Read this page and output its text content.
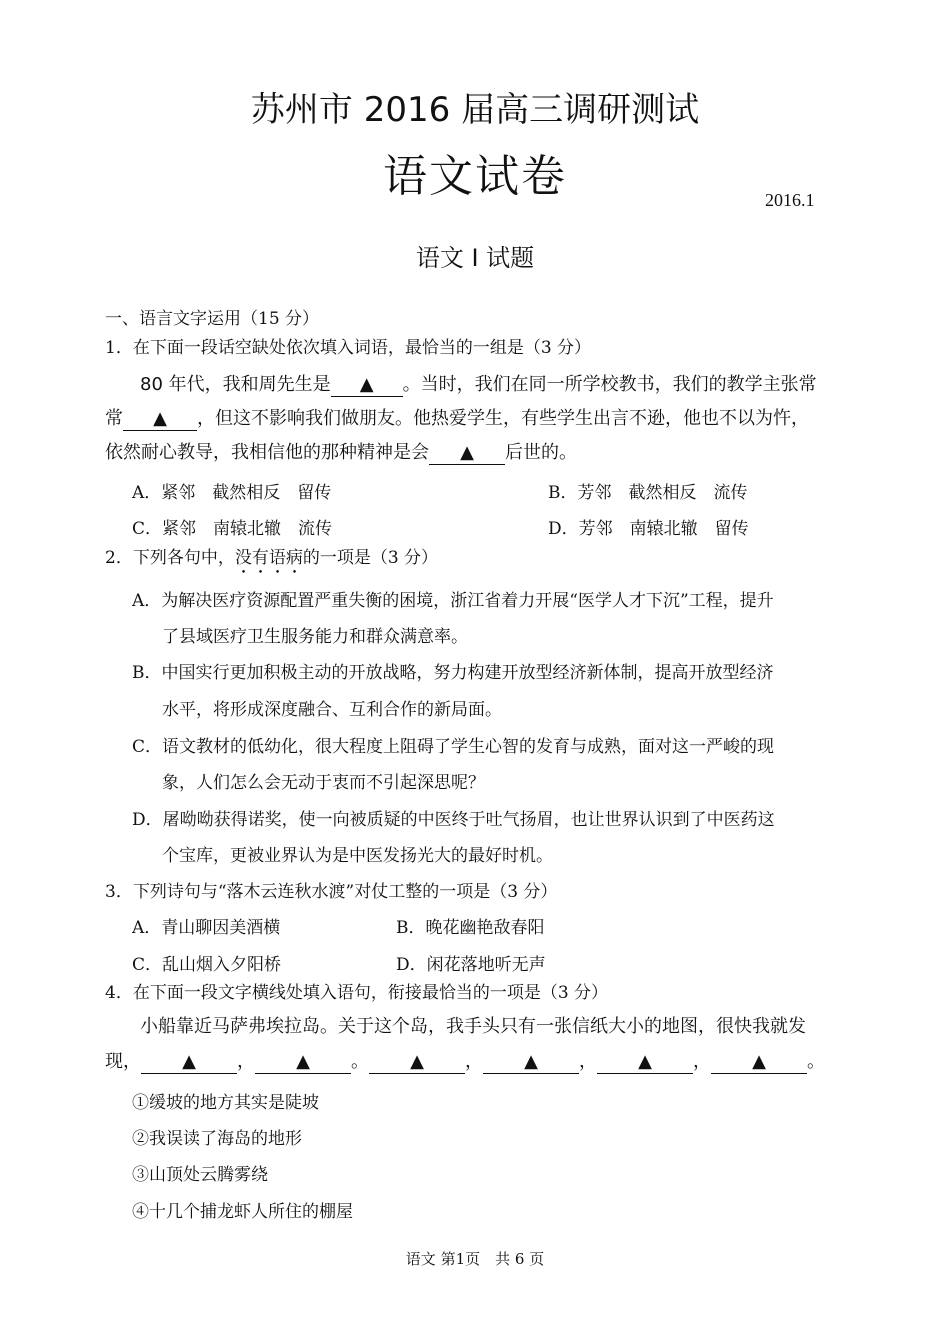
苏州市 2016 届高三调研测试
语文试卷	2016.1
语文 I 试题
一、语言文字运用（15 分）
1．在下面一段话空缺处依次填入词语，最恰当的一组是（3 分）
80 年代，我和周先生是 ▲ 。当时，我们在同一所学校教书，我们的教学主张常
常 ▲ ，但这不影响我们做朋友。他热爱学生，有些学生出言不逊，他也不以为忤，
依然耐心教导，我相信他的那种精神是会 ▲ 后世的。
A．紧邻　截然相反　留传	B．芳邻　截然相反　流传
C．紧邻　南辕北辙　流传	D．芳邻　南辕北辙　留传
2．下列各句中，没有语病的一项是（3 分）
A．为解决医疗资源配置严重失衡的困境，浙江省着力开展“医学人才下沉”工程，提升
了县域医疗卫生服务能力和群众满意率。
B．中国实行更加积极主动的开放战略，努力构建开放型经济新体制，提高开放型经济
水平，将形成深度融合、互利合作的新局面。
C．语文教材的低幼化，很大程度上阻碍了学生心智的发育与成熟，面对这一严峻的现
象，人们怎么会无动于衷而不引起深思呢？
D．屠呦呦获得诺奖，使一向被质疑的中医终于吐气扬眉，也让世界认识到了中医药这
个宝库，更被业界认为是中医发扬光大的最好时机。
3．下列诗句与“落木云连秋水渡”对仗工整的一项是（3 分）
A．青山聊因美酒横	B．晚花幽艳敌春阳
C．乱山烟入夕阳桥	D．闲花落地听无声
4．在下面一段文字横线处填入语句，衔接最恰当的一项是（3 分）
小船靠近马萨弗埃拉岛。关于这个岛，我手头只有一张信纸大小的地图，很快我就发
现， ▲ ， ▲ 。 ▲ ， ▲ ， ▲ ， ▲ 。
①缓坡的地方其实是陡坡
②我误读了海岛的地形
③山顶处云腾雾绕
④十几个捕龙虾人所住的棚屋
语文 第1页　共 6 页
